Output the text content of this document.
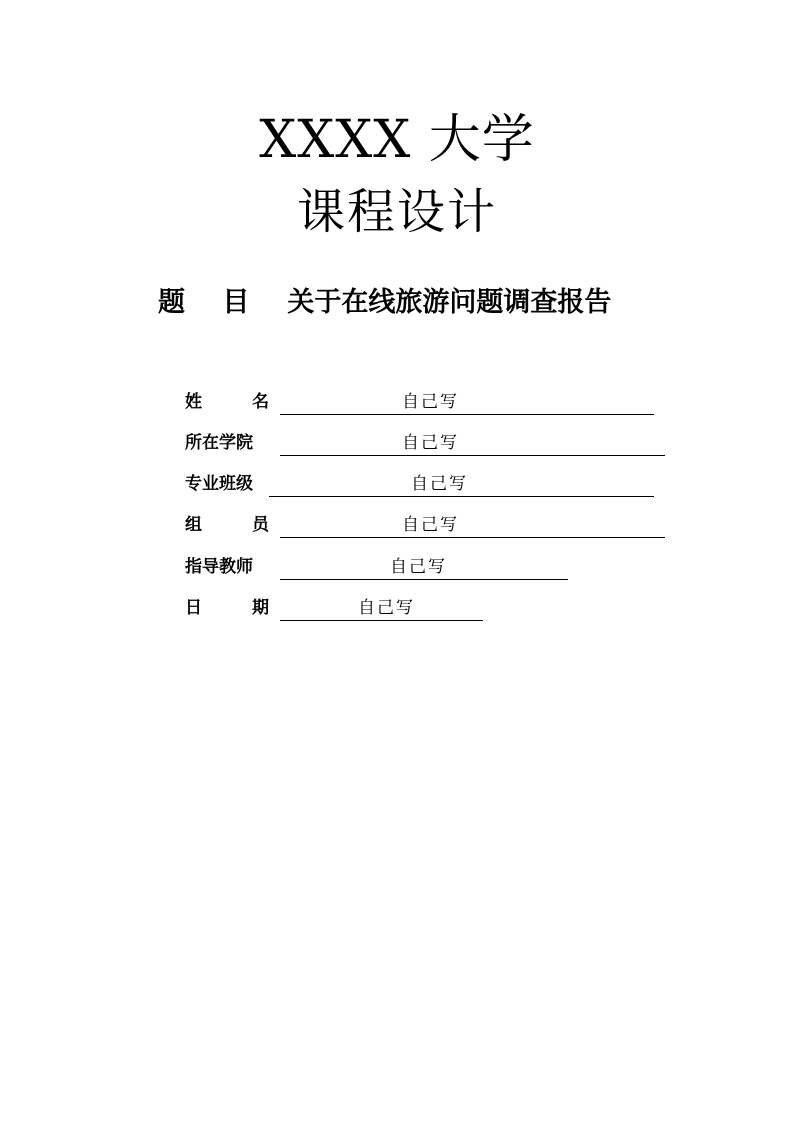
XXXX 大学
课程设计
题 目 关于在线旅游问题调查报告
姓	名	自己写
所在学院	自己写
专业班级	自己写
组	员	自己写
指导教师	自己写
日	期	自己写
